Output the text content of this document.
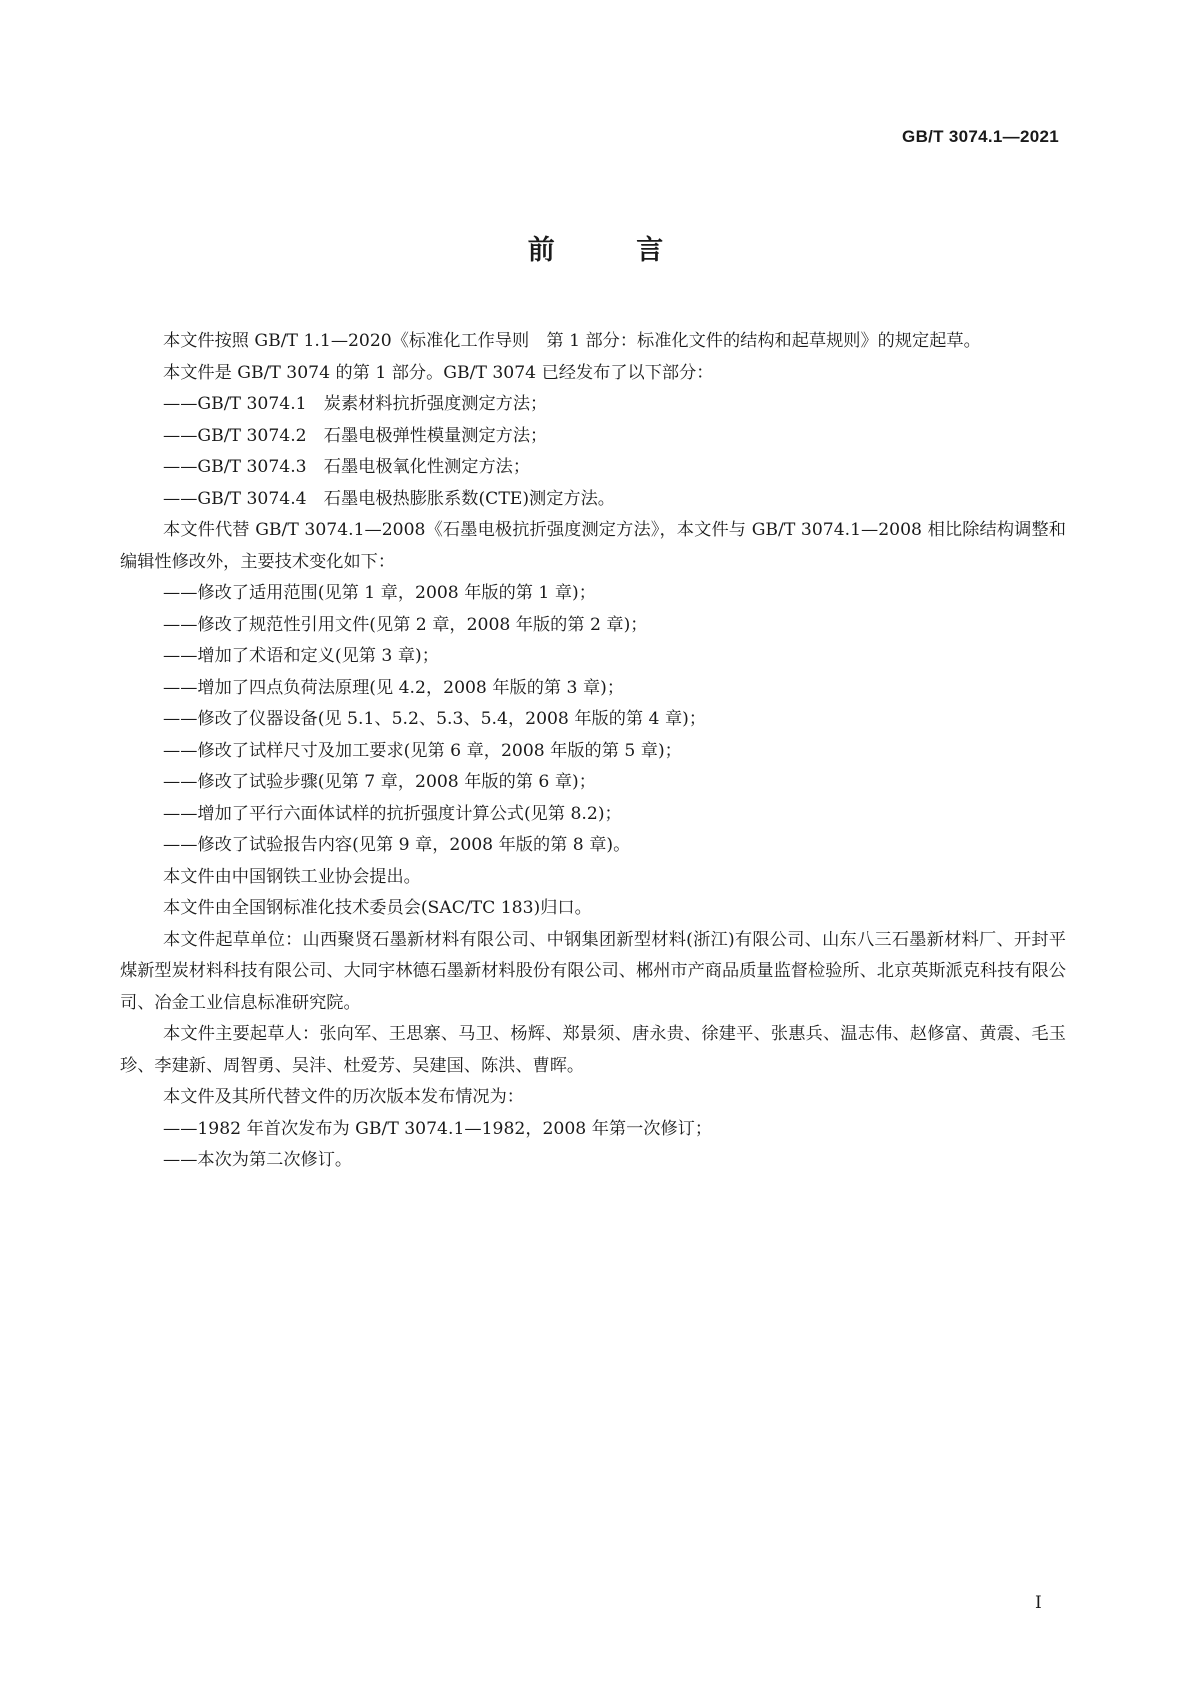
GB/T 3074.1—2021
前 言

本文件按照 GB/T 1.1—2020《标准化工作导则　第 1 部分：标准化文件的结构和起草规则》的规定起草。

本文件是 GB/T 3074 的第 1 部分。GB/T 3074 已经发布了以下部分：

——GB/T 3074.1　炭素材料抗折强度测定方法；

——GB/T 3074.2　石墨电极弹性模量测定方法；

——GB/T 3074.3　石墨电极氧化性测定方法；

——GB/T 3074.4　石墨电极热膨胀系数(CTE)测定方法。

本文件代替 GB/T 3074.1—2008《石墨电极抗折强度测定方法》，本文件与 GB/T 3074.1—2008 相比除结构调整和编辑性修改外，主要技术变化如下：

——修改了适用范围(见第 1 章，2008 年版的第 1 章)；

——修改了规范性引用文件(见第 2 章，2008 年版的第 2 章)；

——增加了术语和定义(见第 3 章)；

——增加了四点负荷法原理(见 4.2，2008 年版的第 3 章)；

——修改了仪器设备(见 5.1、5.2、5.3、5.4，2008 年版的第 4 章)；

——修改了试样尺寸及加工要求(见第 6 章，2008 年版的第 5 章)；

——修改了试验步骤(见第 7 章，2008 年版的第 6 章)；

——增加了平行六面体试样的抗折强度计算公式(见第 8.2)；

——修改了试验报告内容(见第 9 章，2008 年版的第 8 章)。

本文件由中国钢铁工业协会提出。

本文件由全国钢标准化技术委员会(SAC/TC 183)归口。

本文件起草单位：山西聚贤石墨新材料有限公司、中钢集团新型材料(浙江)有限公司、山东八三石墨新材料厂、开封平煤新型炭材料科技有限公司、大同宇林德石墨新材料股份有限公司、郴州市产商品质量监督检验所、北京英斯派克科技有限公司、冶金工业信息标准研究院。

本文件主要起草人：张向军、王思寨、马卫、杨辉、郑景须、唐永贵、徐建平、张惠兵、温志伟、赵修富、黄震、毛玉珍、李建新、周智勇、吴沣、杜爱芳、吴建国、陈洪、曹晖。

本文件及其所代替文件的历次版本发布情况为：

——1982 年首次发布为 GB/T 3074.1—1982，2008 年第一次修订；

——本次为第二次修订。

I
